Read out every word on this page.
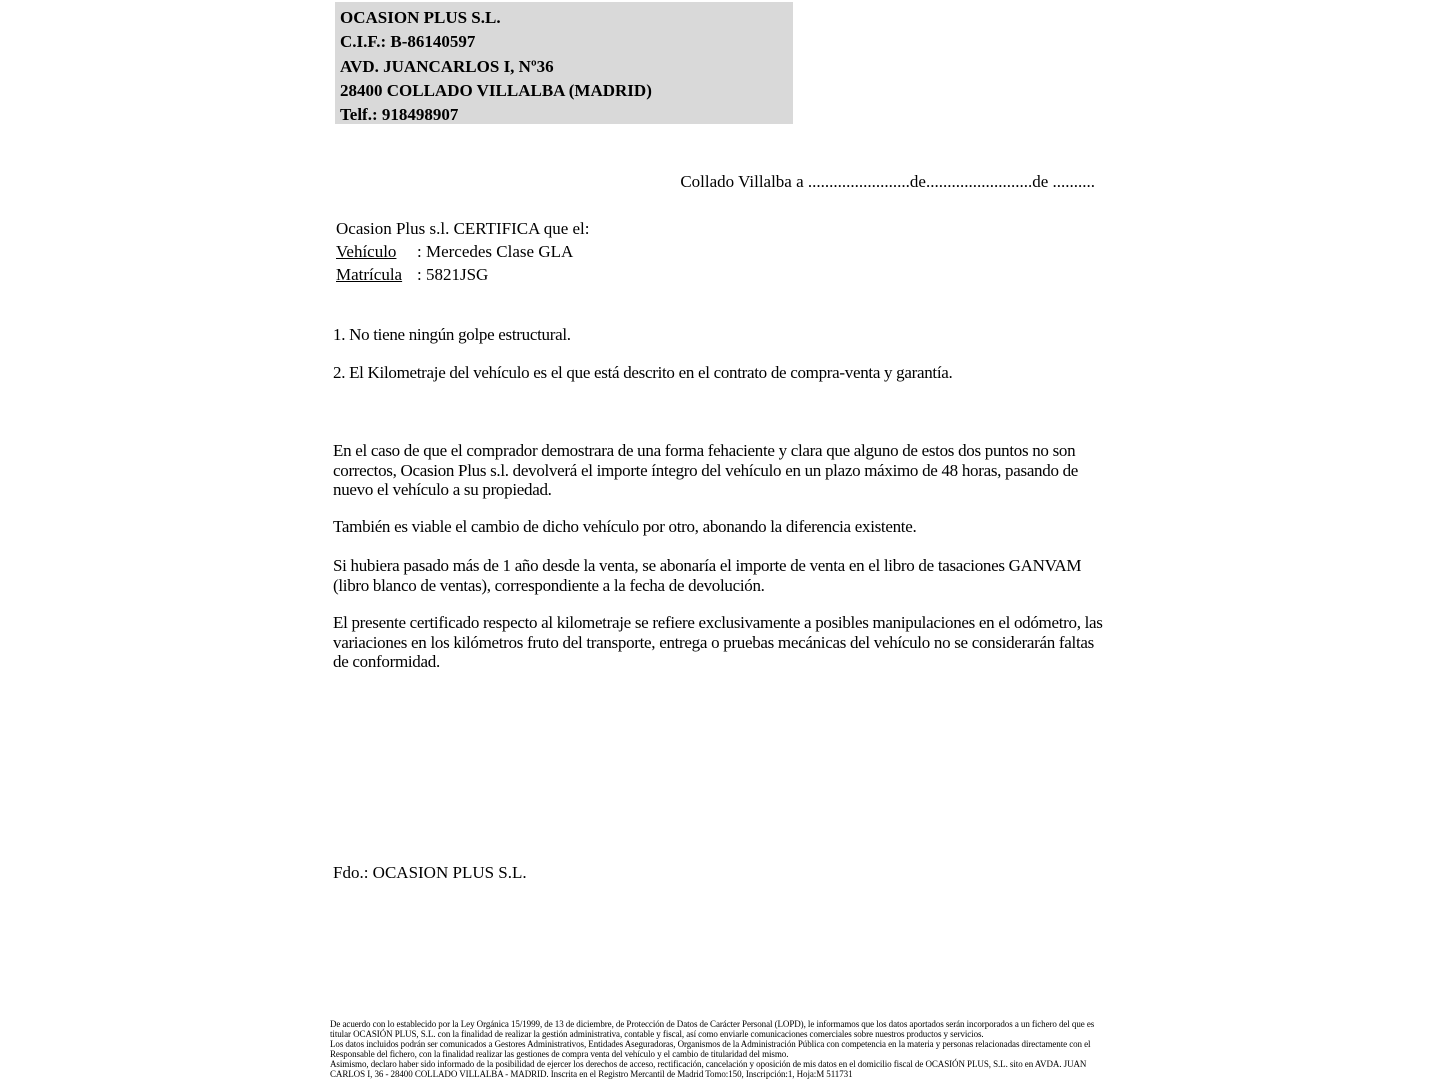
OCASION PLUS S.L.
C.I.F.: B-86140597
AVD. JUANCARLOS I, Nº36
28400 COLLADO VILLALBA (MADRID)
Telf.: 918498907
Collado Villalba a ........................de.........................de ..........
Ocasion Plus s.l. CERTIFICA que el:
Vehículo : Mercedes Clase GLA
Matrícula : 5821JSG
1. No tiene ningún golpe estructural.
2. El Kilometraje del vehículo es el que está descrito en el contrato de compra-venta y garantía.
En el caso de que el comprador demostrara de una forma fehaciente y clara que alguno de estos dos puntos no son correctos, Ocasion Plus s.l. devolverá el importe íntegro del vehículo en un plazo máximo de 48 horas, pasando de nuevo el vehículo a su propiedad.
También es viable el cambio de dicho vehículo por otro, abonando la diferencia existente.
Si hubiera pasado más de 1 año desde la venta, se abonaría el importe de venta en el libro de tasaciones GANVAM (libro blanco de ventas), correspondiente a la fecha de devolución.
El presente certificado respecto al kilometraje se refiere exclusivamente a posibles manipulaciones en el odómetro, las variaciones en los kilómetros fruto del transporte, entrega o pruebas mecánicas del vehículo no se considerarán faltas de conformidad.
Fdo.: OCASION PLUS S.L.

De acuerdo con lo establecido por la Ley Orgánica 15/1999, de 13 de diciembre, de Protección de Datos de Carácter Personal (LOPD), le informamos que los datos aportados serán incorporados a un fichero del que es titular OCASIÓN PLUS, S.L. con la finalidad de realizar la gestión administrativa, contable y fiscal, así como enviarle comunicaciones comerciales sobre nuestros productos y servicios.

Los datos incluidos podrán ser comunicados a Gestores Administrativos, Entidades Aseguradoras, Organismos de la Administración Pública con competencia en la materia y personas relacionadas directamente con el Responsable del fichero, con la finalidad realizar las gestiones de compra venta del vehículo y el cambio de titularidad del mismo.

Asimismo, declaro haber sido informado de la posibilidad de ejercer los derechos de acceso, rectificación, cancelación y oposición de mis datos en el domicilio fiscal de OCASIÓN PLUS, S.L. sito en AVDA. JUAN CARLOS I, 36 - 28400 COLLADO VILLALBA - MADRID. Inscrita en el Registro Mercantil de Madrid Tomo:150, Inscripción:1, Hoja:M 511731
